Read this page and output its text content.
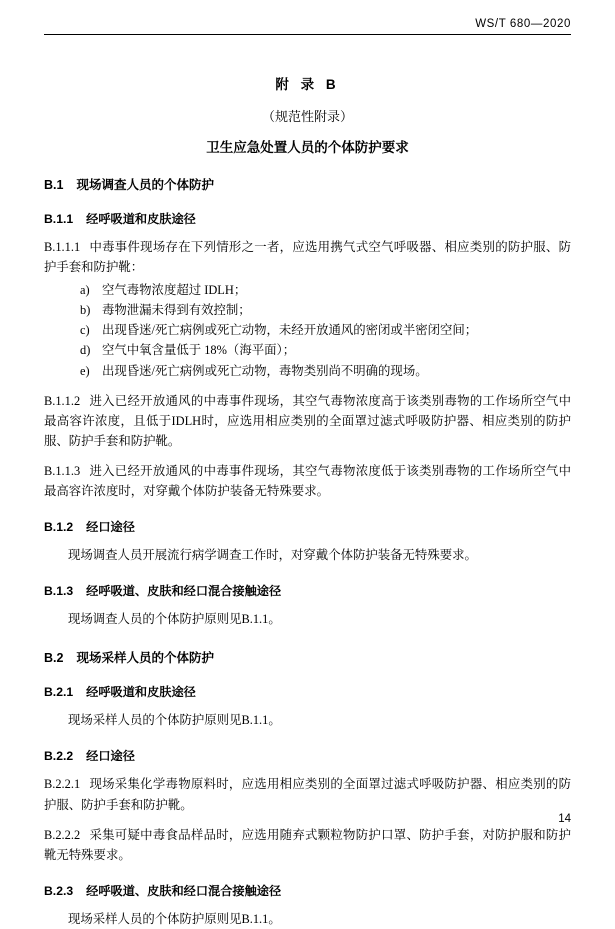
WS/T 680—2020
附 录 B
（规范性附录）
卫生应急处置人员的个体防护要求
B.1 现场调查人员的个体防护
B.1.1 经呼吸道和皮肤途径
B.1.1.1 中毒事件现场存在下列情形之一者，应选用携气式空气呼吸器、相应类别的防护服、防护手套和防护靴：
a) 空气毒物浓度超过 IDLH；
b) 毒物泄漏未得到有效控制；
c) 出现昏迷/死亡病例或死亡动物，未经开放通风的密闭或半密闭空间；
d) 空气中氧含量低于 18%（海平面）；
e) 出现昏迷/死亡病例或死亡动物，毒物类别尚不明确的现场。
B.1.1.2 进入已经开放通风的中毒事件现场，其空气毒物浓度高于该类别毒物的工作场所空气中最高容许浓度，且低于IDLH时，应选用相应类别的全面罩过滤式呼吸防护器、相应类别的防护服、防护手套和防护靴。
B.1.1.3 进入已经开放通风的中毒事件现场，其空气毒物浓度低于该类别毒物的工作场所空气中最高容许浓度时，对穿戴个体防护装备无特殊要求。
B.1.2 经口途径
现场调查人员开展流行病学调查工作时，对穿戴个体防护装备无特殊要求。
B.1.3 经呼吸道、皮肤和经口混合接触途径
现场调查人员的个体防护原则见B.1.1。
B.2 现场采样人员的个体防护
B.2.1 经呼吸道和皮肤途径
现场采样人员的个体防护原则见B.1.1。
B.2.2 经口途径
B.2.2.1 现场采集化学毒物原料时，应选用相应类别的全面罩过滤式呼吸防护器、相应类别的防护服、防护手套和防护靴。
B.2.2.2 采集可疑中毒食品样品时，应选用随弃式颗粒物防护口罩、防护手套，对防护服和防护靴无特殊要求。
B.2.3 经呼吸道、皮肤和经口混合接触途径
现场采样人员的个体防护原则见B.1.1。
14
